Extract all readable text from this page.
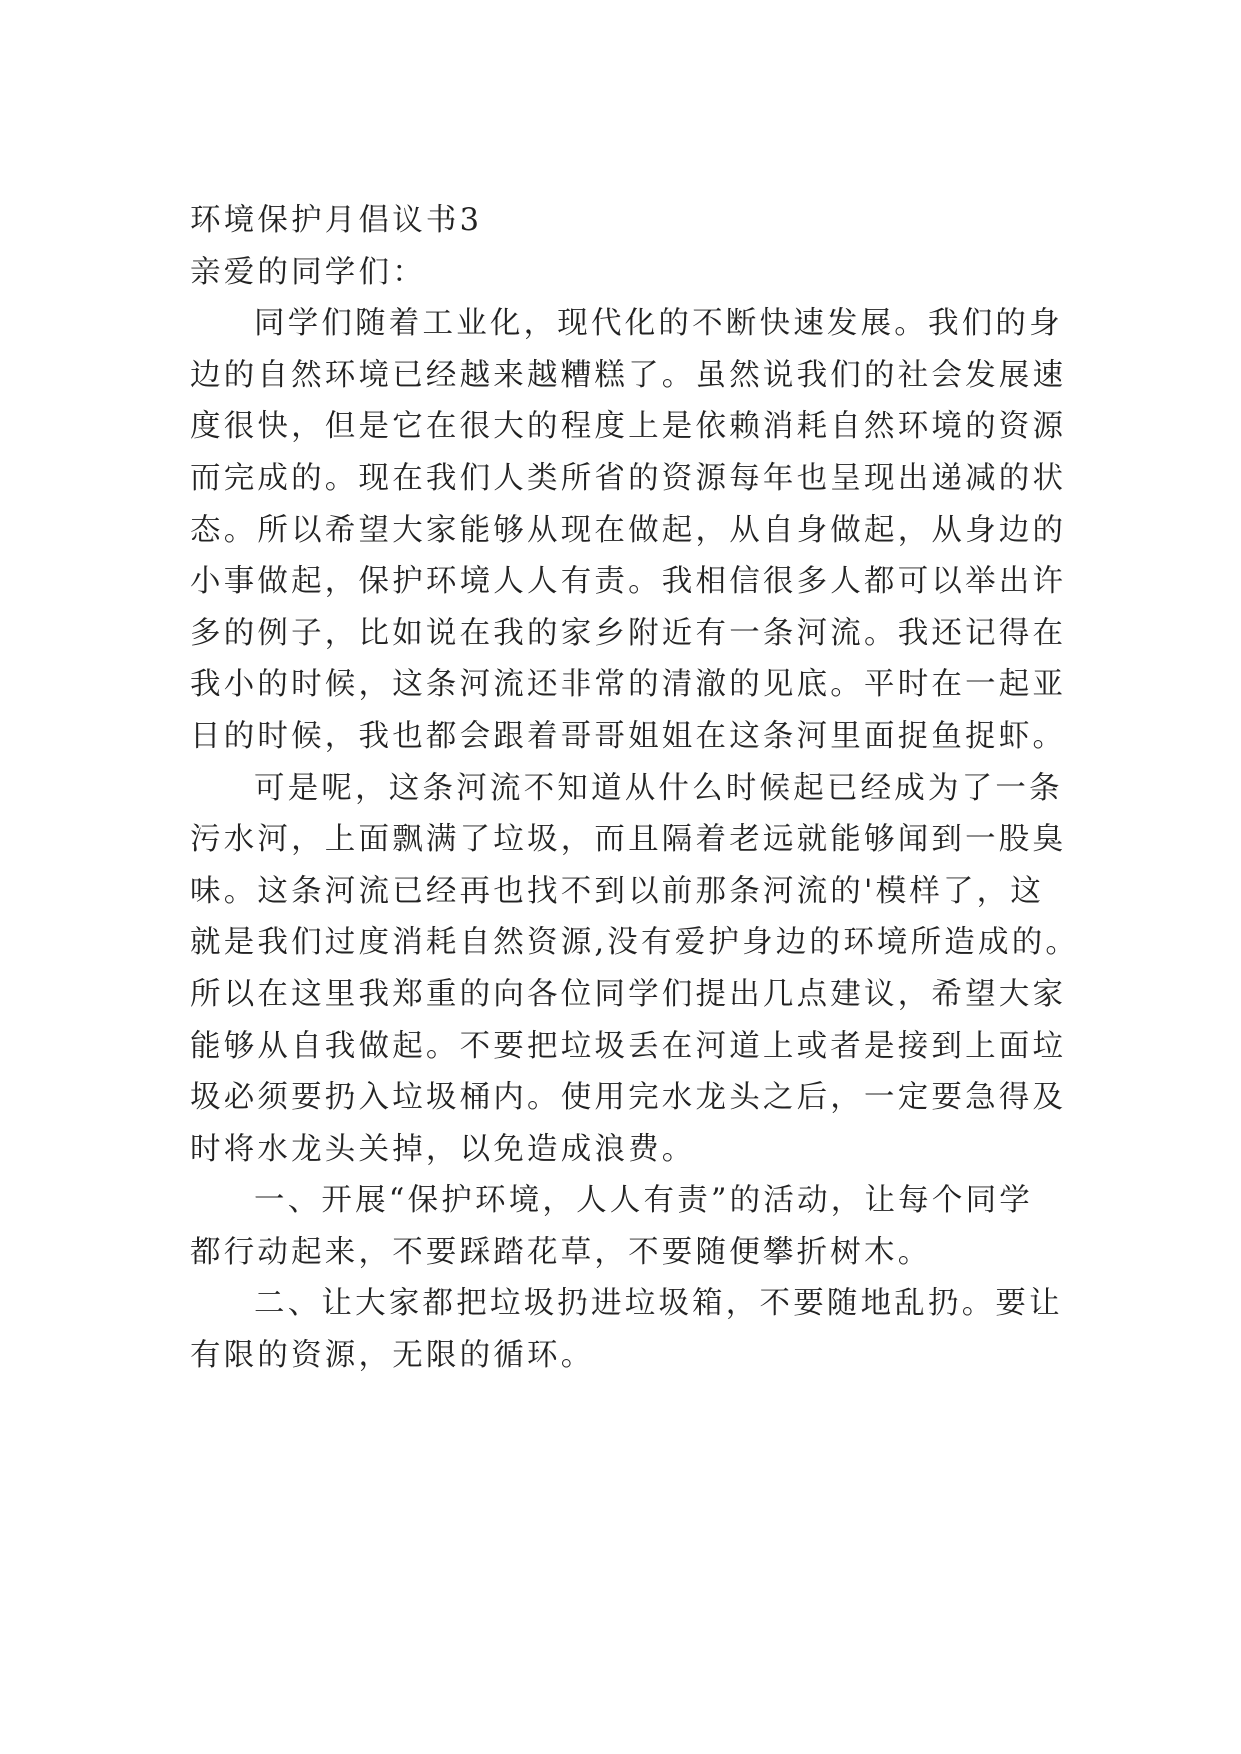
环境保护月倡议书3
亲爱的同学们：
同学们随着工业化，现代化的不断快速发展。我们的身
边的自然环境已经越来越糟糕了。虽然说我们的社会发展速
度很快，但是它在很大的程度上是依赖消耗自然环境的资源
而完成的。现在我们人类所省的资源每年也呈现出递减的状
态。所以希望大家能够从现在做起，从自身做起，从身边的
小事做起，保护环境人人有责。我相信很多人都可以举出许
多的例子，比如说在我的家乡附近有一条河流。我还记得在
我小的时候，这条河流还非常的清澈的见底。平时在一起亚
日的时候，我也都会跟着哥哥姐姐在这条河里面捉鱼捉虾。
可是呢，这条河流不知道从什么时候起已经成为了一条
污水河，上面飘满了垃圾，而且隔着老远就能够闻到一股臭
味。这条河流已经再也找不到以前那条河流的'模样了，这
就是我们过度消耗自然资源,没有爱护身边的环境所造成的。
所以在这里我郑重的向各位同学们提出几点建议，希望大家
能够从自我做起。不要把垃圾丢在河道上或者是接到上面垃
圾必须要扔入垃圾桶内。使用完水龙头之后，一定要急得及
时将水龙头关掉，以免造成浪费。
一、开展“保护环境，人人有责”的活动，让每个同学
都行动起来，不要踩踏花草，不要随便攀折树木。
二、让大家都把垃圾扔进垃圾箱，不要随地乱扔。要让
有限的资源，无限的循环。
